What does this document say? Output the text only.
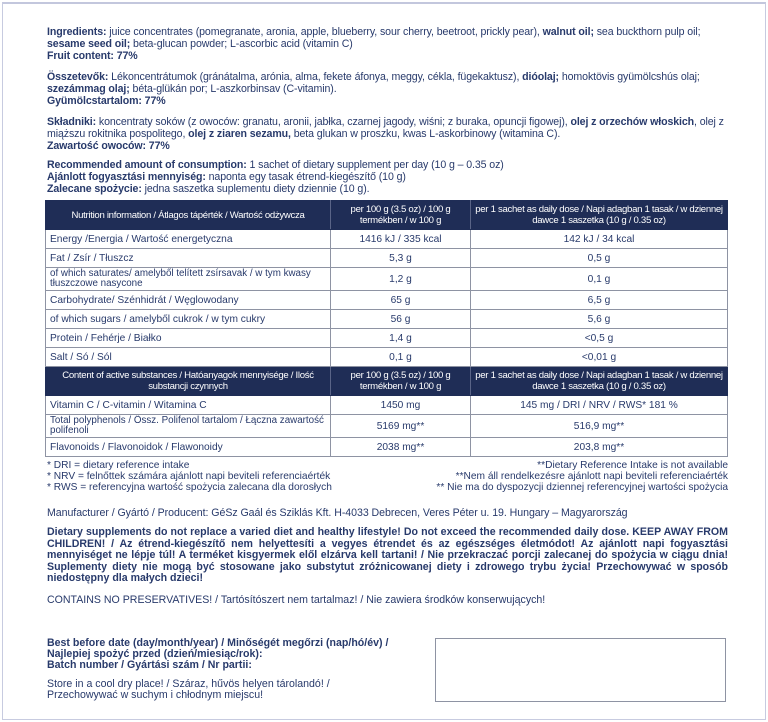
Ingredients: juice concentrates (pomegranate, aronia, apple, blueberry, sour cherry, beetroot, prickly pear), walnut oil; sea buckthorn pulp oil; sesame seed oil; beta-glucan powder; L-ascorbic acid (vitamin C)
Fruit content: 77%
Összetevők: Lékoncentrátumok (gránátalma, arónia, alma, fekete áfonya, meggy, cékla, fügekaktusz), dióolaj; homoktövis gyümölcshús olaj; szezámmag olaj; béta-glükán por; L-aszkorbinsav (C-vitamin).
Gyümölcstartalom: 77%
Składniki: koncentraty soków (z owoców: granatu, aronii, jabłka, czarnej jagody, wiśni; z buraka, opuncji figowej), olej z orzechów włoskich, olej z miąższu rokitnika pospolitego, olej z ziaren sezamu, beta glukan w proszku, kwas L-askorbinowy (witamina C).
Zawartość owoców: 77%
Recommended amount of consumption: 1 sachet of dietary supplement per day (10 g – 0.35 oz)
Ajánlott fogyasztási mennyiség: naponta egy tasak étrend-kiegészítő (10 g)
Zalecane spożycie: jedna saszetka suplementu diety dziennie (10 g).
Nutrition information / Átlagos tápérték / Wartość odżywcza	per 100 g (3.5 oz) / 100 g termékben / w 100 g	per 1 sachet as daily dose / Napi adagban 1 tasak / w dziennej dawce 1 saszetka (10 g / 0.35 oz)
Energy /Energia / Wartość energetyczna	1416 kJ / 335 kcal	142 kJ / 34 kcal
Fat / Zsír / Tłuszcz	5,3 g	0,5 g
of which saturates/ amelyből telített zsírsavak / w tym kwasy tłuszczowe nasycone	1,2 g	0,1 g
Carbohydrate/ Szénhidrát / Węglowodany	65 g	6,5 g
of which sugars / amelyből cukrok / w tym cukry	56 g	5,6 g
Protein / Fehérje / Białko	1,4 g	<0,5 g
Salt / Só / Sól	0,1 g	<0,01 g
Content of active substances / Hatóanyagok mennyisége / Ilość substancji czynnych	per 100 g (3.5 oz) / 100 g termékben / w 100 g	per 1 sachet as daily dose / Napi adagban 1 tasak / w dziennej dawce 1 saszetka (10 g / 0.35 oz)
Vitamin C / C-vitamin / Witamina C	1450 mg	145 mg / DRI / NRV / RWS* 181 %
Total polyphenols / Össz. Polifenol tartalom / Łączna zawartość polifenoli	5169 mg**	516,9 mg**
Flavonoids / Flavonoidok / Flawonoidy	2038 mg**	203,8 mg**
* DRI = dietary reference intake
* NRV = felnőttek számára ajánlott napi beviteli referenciaérték
* RWS = referencyjna wartość spożycia zalecana dla dorosłych
**Dietary Reference Intake is not available
**Nem áll rendelkezésre ajánlott napi beviteli referenciaérték
** Nie ma do dyspozycji dziennej referencyjnej wartości spożycia
Manufacturer / Gyártó / Producent: GéSz Gaál és Sziklás Kft. H-4033 Debrecen, Veres Péter u. 19. Hungary – Magyarország
Dietary supplements do not replace a varied diet and healthy lifestyle! Do not exceed the recommended daily dose. KEEP AWAY FROM CHILDREN! / Az étrend-kiegészítő nem helyettesíti a vegyes étrendet és az egészséges életmódot! Az ajánlott napi fogyasztási mennyiséget ne lépje túl! A terméket kisgyermek elől elzárva kell tartani! / Nie przekraczać porcji zalecanej do spożycia w ciągu dnia! Suplementy diety nie mogą być stosowane jako substytut zróżnicowanej diety i zdrowego trybu życia! Przechowywać w sposób niedostępny dla małych dzieci!
CONTAINS NO PRESERVATIVES! / Tartósítószert nem tartalmaz! / Nie zawiera środków konserwujących!
Best before date (day/month/year) / Minőségét megőrzi (nap/hó/év) /
Najlepiej spożyć przed (dzień/miesiąc/rok):
Batch number / Gyártási szám / Nr partii:
Store in a cool dry place! / Száraz, hűvös helyen tárolandó! /
Przechowywać w suchym i chłodnym miejscu!
